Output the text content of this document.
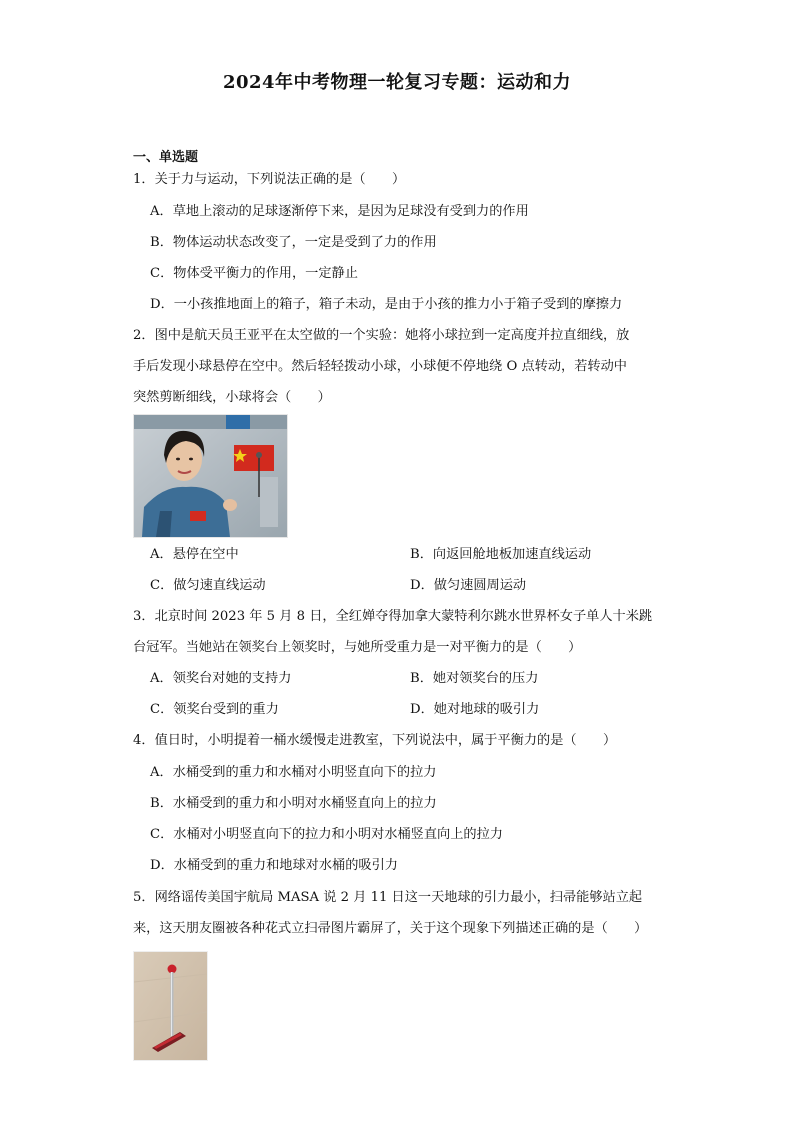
2024年中考物理一轮复习专题：运动和力
一、单选题
1．关于力与运动，下列说法正确的是（　　）
A．草地上滚动的足球逐渐停下来，是因为足球没有受到力的作用
B．物体运动状态改变了，一定是受到了力的作用
C．物体受平衡力的作用，一定静止
D．一小孩推地面上的箱子，箱子未动，是由于小孩的推力小于箱子受到的摩擦力
2．图中是航天员王亚平在太空做的一个实验：她将小球拉到一定高度并拉直细线，放
手后发现小球悬停在空中。然后轻轻拨动小球，小球便不停地绕 O 点转动，若转动中
突然剪断细线，小球将会（　　）
A．悬停在空中	B．向返回舱地板加速直线运动
C．做匀速直线运动	D．做匀速圆周运动
3．北京时间 2023 年 5 月 8 日，全红婵夺得加拿大蒙特利尔跳水世界杯女子单人十米跳
台冠军。当她站在领奖台上领奖时，与她所受重力是一对平衡力的是（　　）
A．领奖台对她的支持力	B．她对领奖台的压力
C．领奖台受到的重力	D．她对地球的吸引力
4．值日时，小明提着一桶水缓慢走进教室，下列说法中，属于平衡力的是（　　）
A．水桶受到的重力和水桶对小明竖直向下的拉力
B．水桶受到的重力和小明对水桶竖直向上的拉力
C．水桶对小明竖直向下的拉力和小明对水桶竖直向上的拉力
D．水桶受到的重力和地球对水桶的吸引力
5．网络谣传美国宇航局 MASA 说 2 月 11 日这一天地球的引力最小，扫帚能够站立起
来，这天朋友圈被各种花式立扫帚图片霸屏了，关于这个现象下列描述正确的是（　　）
